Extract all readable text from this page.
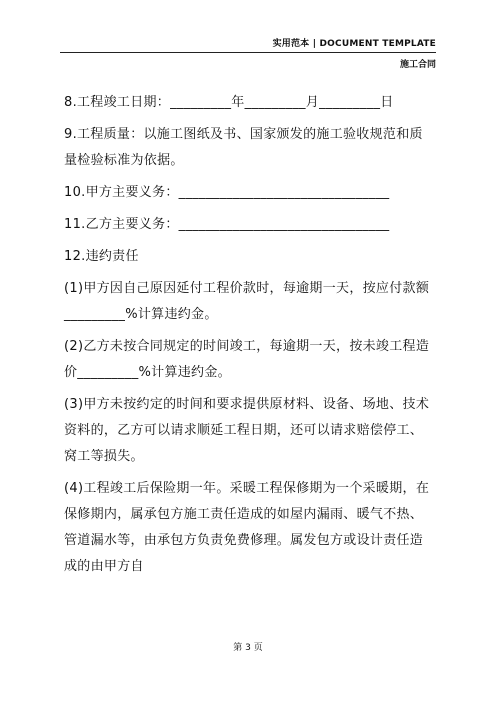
实用范本 | DOCUMENT TEMPLATE
施工合同

8.工程竣工日期：_________年_________月_________日

9.工程质量：以施工图纸及书、国家颁发的施工验收规范和质量检验标准为依据。

10.甲方主要义务：_______________________________

11.乙方主要义务：_______________________________

12.违约责任

(1)甲方因自己原因延付工程价款时，每逾期一天，按应付款额_________%计算违约金。

(2)乙方未按合同规定的时间竣工，每逾期一天，按未竣工程造价_________%计算违约金。

(3)甲方未按约定的时间和要求提供原材料、设备、场地、技术资料的，乙方可以请求顺延工程日期，还可以请求赔偿停工、窝工等损失。

(4)工程竣工后保险期一年。采暖工程保修期为一个采暖期，在保修期内，属承包方施工责任造成的如屋内漏雨、暖气不热、管道漏水等，由承包方负责免费修理。属发包方或设计责任造成的由甲方自

第 3 页
